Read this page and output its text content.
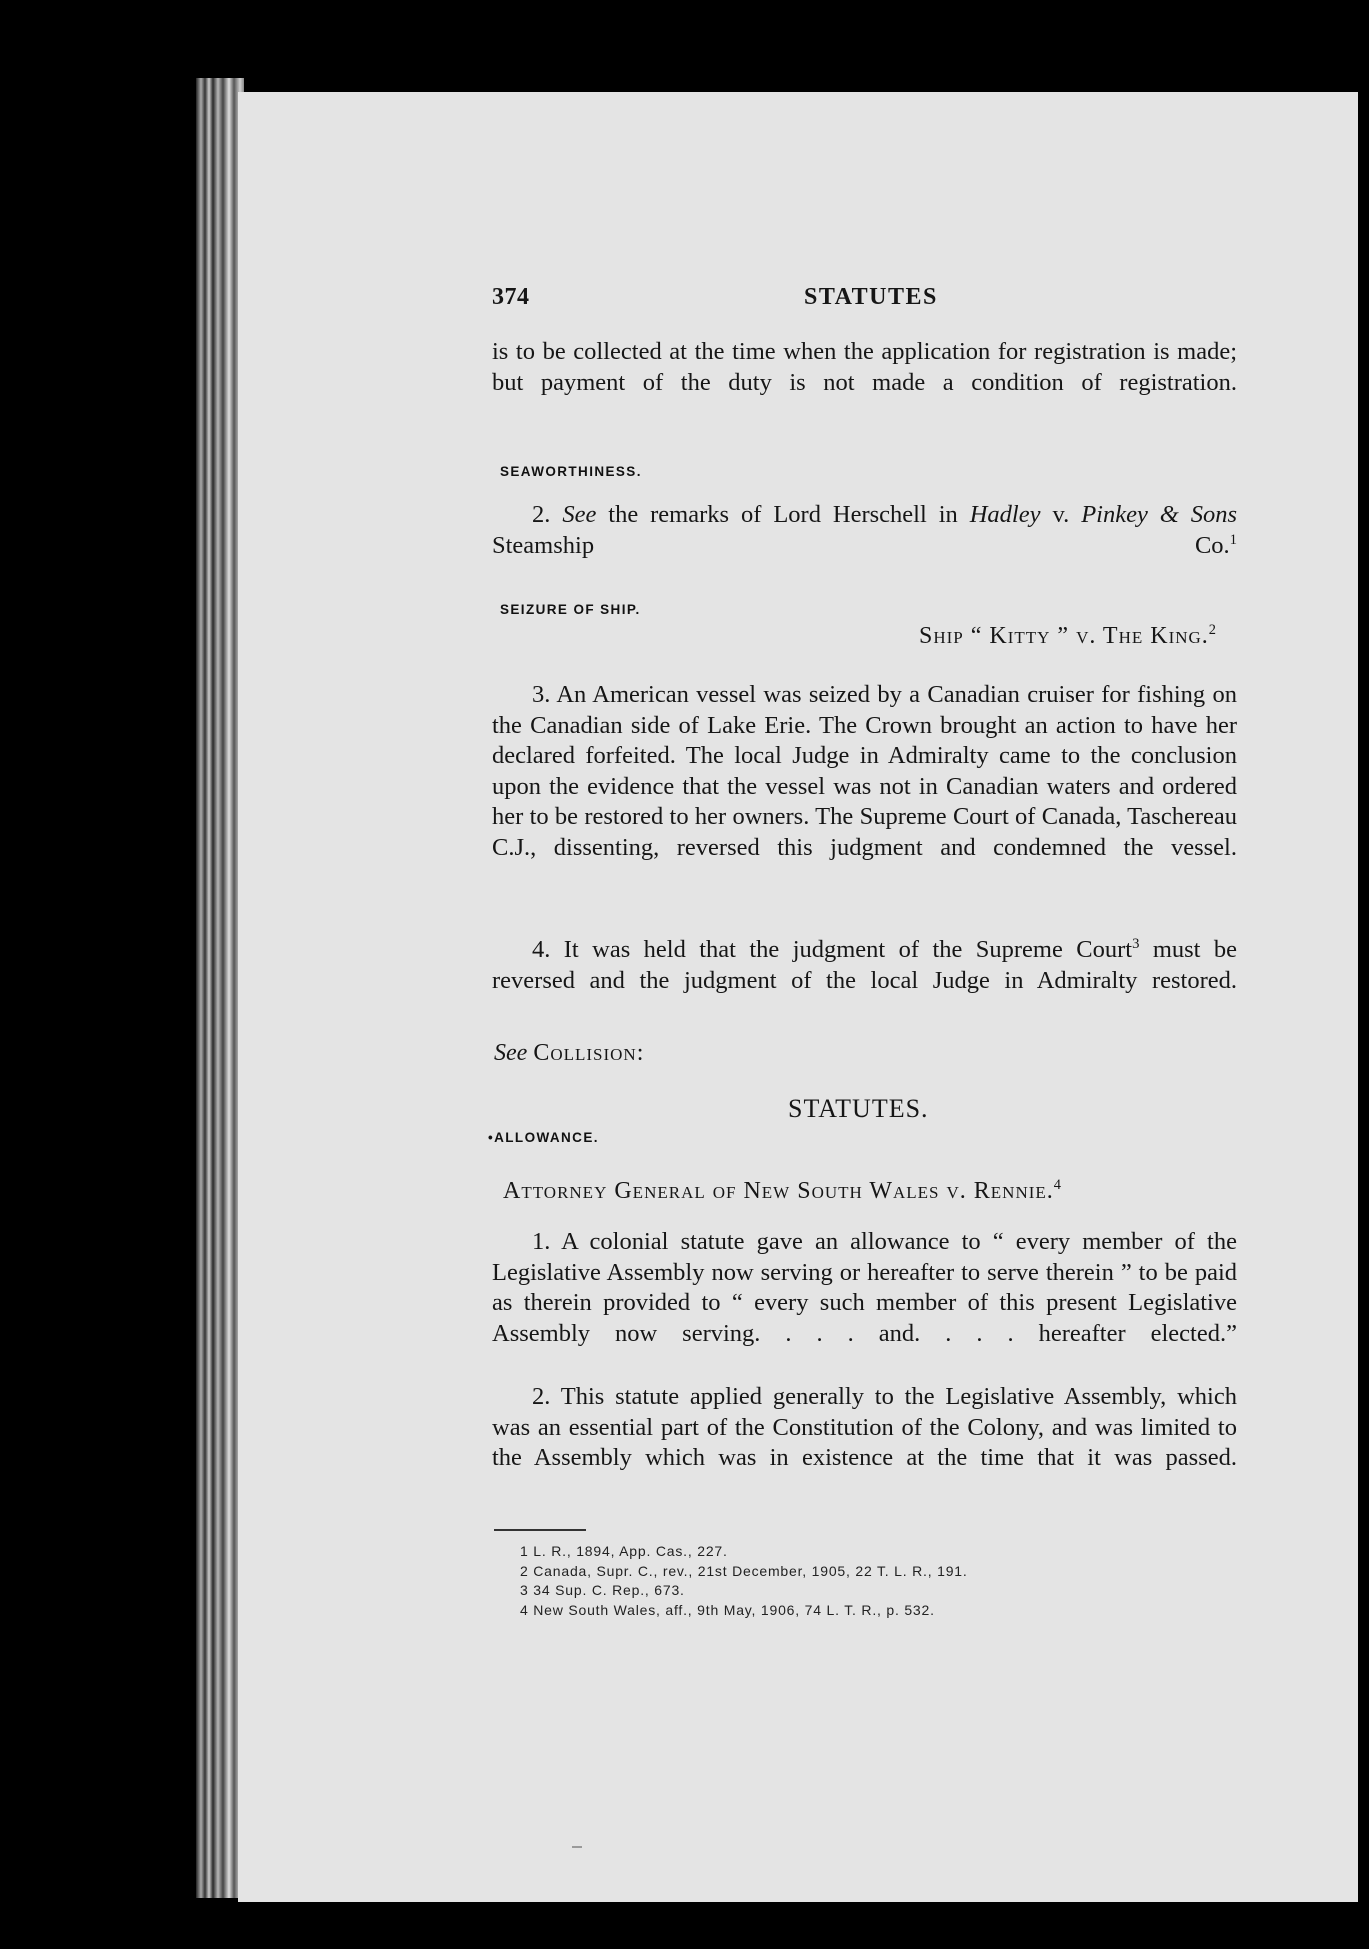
374	STATUTES

is to be collected at the time when the application for registration is made; but payment of the duty is not made a condition of registration.

SEAWORTHINESS.

2. See the remarks of Lord Herschell in Hadley v. Pinkey & Sons Steamship Co.$^1$

SEIZURE OF SHIP.
Ship “ Kitty ” v. The King.$^2$

3. An American vessel was seized by a Canadian cruiser for fishing on the Canadian side of Lake Erie. The Crown brought an action to have her declared forfeited. The local Judge in Admiralty came to the conclusion upon the evidence that the vessel was not in Canadian waters and ordered her to be restored to her owners. The Supreme Court of Canada, Taschereau C.J., dissenting, reversed this judgment and condemned the vessel.

4. It was held that the judgment of the Supreme Court$^3$ must be reversed and the judgment of the local Judge in Admiralty restored.

See Collision:
STATUTES.
•ALLOWANCE.
Attorney General of New South Wales v. Rennie.$^4$

1. A colonial statute gave an allowance to “ every member of the Legislative Assembly now serving or hereafter to serve therein ” to be paid as therein provided to “ every such member of this present Legislative Assembly now serving. . . . and. . . . hereafter elected.”

2. This statute applied generally to the Legislative Assembly, which was an essential part of the Constitution of the Colony, and was limited to the Assembly which was in existence at the time that it was passed.

1 L. R., 1894, App. Cas., 227.
2 Canada, Supr. C., rev., 21st December, 1905, 22 T. L. R., 191.
3 34 Sup. C. Rep., 673.
4 New South Wales, aff., 9th May, 1906, 74 L. T. R., p. 532.
